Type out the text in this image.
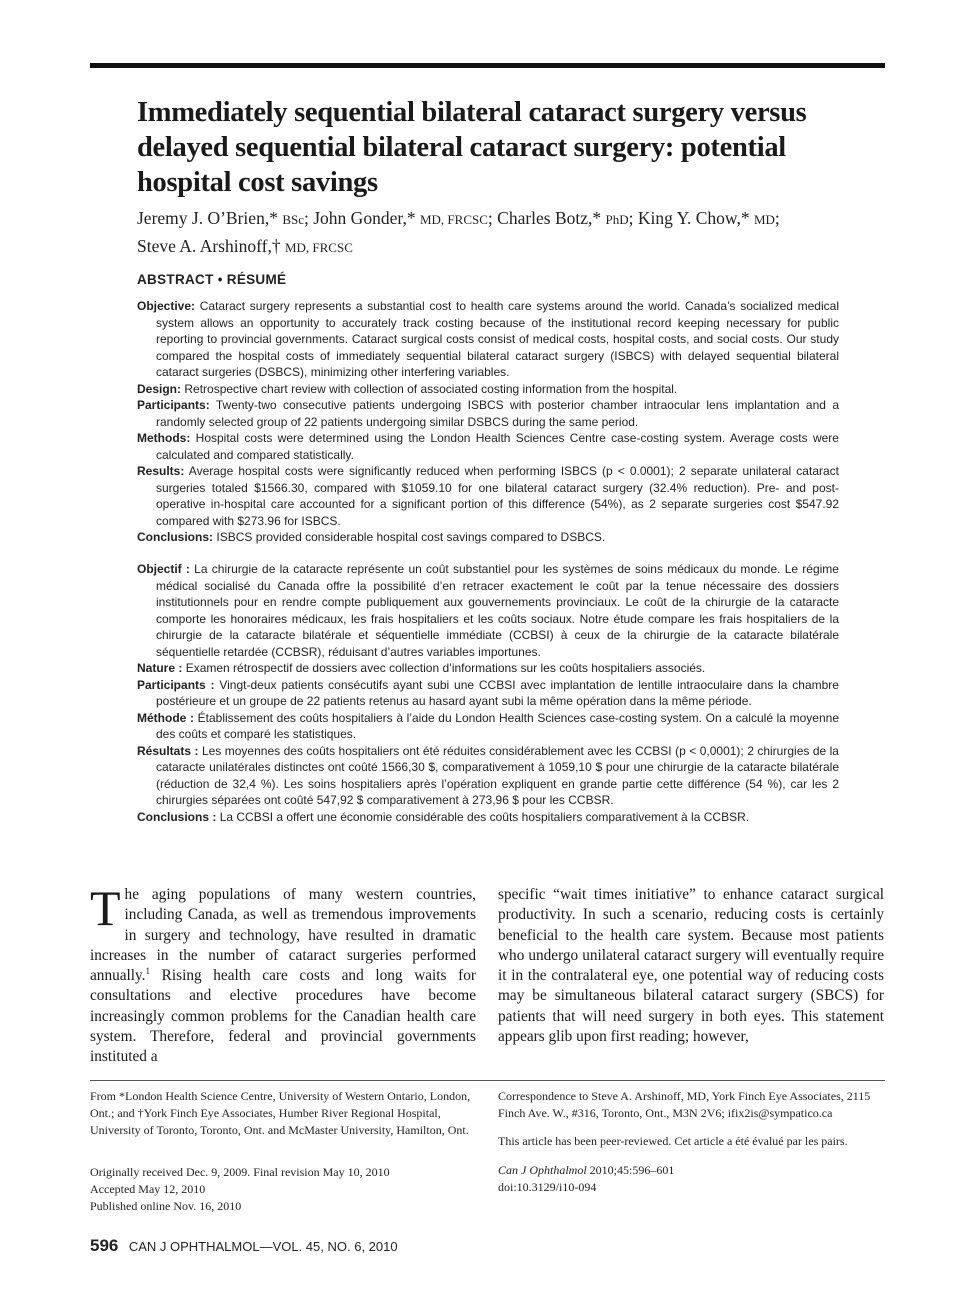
Immediately sequential bilateral cataract surgery versus delayed sequential bilateral cataract surgery: potential hospital cost savings
Jeremy J. O’Brien,* BSc; John Gonder,* MD, FRCSC; Charles Botz,* PhD; King Y. Chow,* MD;
Steve A. Arshinoff,† MD, FRCSC
ABSTRACT • RÉSUMÉ

Objective: Cataract surgery represents a substantial cost to health care systems around the world. Canada’s socialized medical system allows an opportunity to accurately track costing because of the institutional record keeping necessary for public reporting to provincial governments. Cataract surgical costs consist of medical costs, hospital costs, and social costs. Our study compared the hospital costs of immediately sequential bilateral cataract surgery (ISBCS) with delayed sequential bilateral cataract surgeries (DSBCS), minimizing other interfering variables.

Design: Retrospective chart review with collection of associated costing information from the hospital.

Participants: Twenty-two consecutive patients undergoing ISBCS with posterior chamber intraocular lens implantation and a randomly selected group of 22 patients undergoing similar DSBCS during the same period.

Methods: Hospital costs were determined using the London Health Sciences Centre case-costing system. Average costs were calculated and compared statistically.

Results: Average hospital costs were significantly reduced when performing ISBCS (p < 0.0001); 2 separate unilateral cataract surgeries totaled $1566.30, compared with $1059.10 for one bilateral cataract surgery (32.4% reduction). Pre- and post-operative in-hospital care accounted for a significant portion of this difference (54%), as 2 separate surgeries cost $547.92 compared with $273.96 for ISBCS.

Conclusions: ISBCS provided considerable hospital cost savings compared to DSBCS.

Objectif : La chirurgie de la cataracte représente un coût substantiel pour les systèmes de soins médicaux du monde. Le régime médical socialisé du Canada offre la possibilité d’en retracer exactement le coût par la tenue nécessaire des dossiers institutionnels pour en rendre compte publiquement aux gouvernements provinciaux. Le coût de la chirurgie de la cataracte comporte les honoraires médicaux, les frais hospitaliers et les coûts sociaux. Notre étude compare les frais hospitaliers de la chirurgie de la cataracte bilatérale et séquentielle immédiate (CCBSI) à ceux de la chirurgie de la cataracte bilatérale séquentielle retardée (CCBSR), réduisant d’autres variables importunes.

Nature : Examen rétrospectif de dossiers avec collection d’informations sur les coûts hospitaliers associés.

Participants : Vingt-deux patients consécutifs ayant subi une CCBSI avec implantation de lentille intraoculaire dans la chambre postérieure et un groupe de 22 patients retenus au hasard ayant subi la même opération dans la même période.

Méthode : Établissement des coûts hospitaliers à l’aide du London Health Sciences case-costing system. On a calculé la moyenne des coûts et comparé les statistiques.

Résultats : Les moyennes des coûts hospitaliers ont été réduites considérablement avec les CCBSI (p < 0,0001); 2 chirurgies de la cataracte unilatérales distinctes ont coûté 1566,30 $, comparativement à 1059,10 $ pour une chirurgie de la cataracte bilatérale (réduction de 32,4 %). Les soins hospitaliers après l’opération expliquent en grande partie cette différence (54 %), car les 2 chirurgies séparées ont coûté 547,92 $ comparativement à 273,96 $ pour les CCBSR.

Conclusions : La CCBSI a offert une économie considérable des coûts hospitaliers comparativement à la CCBSR.

The aging populations of many western countries, including Canada, as well as tremendous improvements in surgery and technology, have resulted in dramatic increases in the number of cataract surgeries performed annually.$^1$ Rising health care costs and long waits for consultations and elective procedures have become increasingly common problems for the Canadian health care system. Therefore, federal and provincial governments instituted a

specific “wait times initiative” to enhance cataract surgical productivity. In such a scenario, reducing costs is certainly beneficial to the health care system. Because most patients who undergo unilateral cataract surgery will eventually require it in the contralateral eye, one potential way of reducing costs may be simultaneous bilateral cataract surgery (SBCS) for patients that will need surgery in both eyes. This statement appears glib upon first reading; however,

From *London Health Science Centre, University of Western Ontario, London, Ont.; and †York Finch Eye Associates, Humber River Regional Hospital, University of Toronto, Toronto, Ont. and McMaster University, Hamilton, Ont.

Originally received Dec. 9, 2009. Final revision May 10, 2010
Accepted May 12, 2010
Published online Nov. 16, 2010

Correspondence to Steve A. Arshinoff, MD, York Finch Eye Associates, 2115 Finch Ave. W., #316, Toronto, Ont., M3N 2V6; ifix2is@sympatico.ca

This article has been peer-reviewed. Cet article a été évalué par les pairs.

Can J Ophthalmol 2010;45:596–601
doi:10.3129/i10-094

596 CAN J OPHTHALMOL—VOL. 45, NO. 6, 2010
